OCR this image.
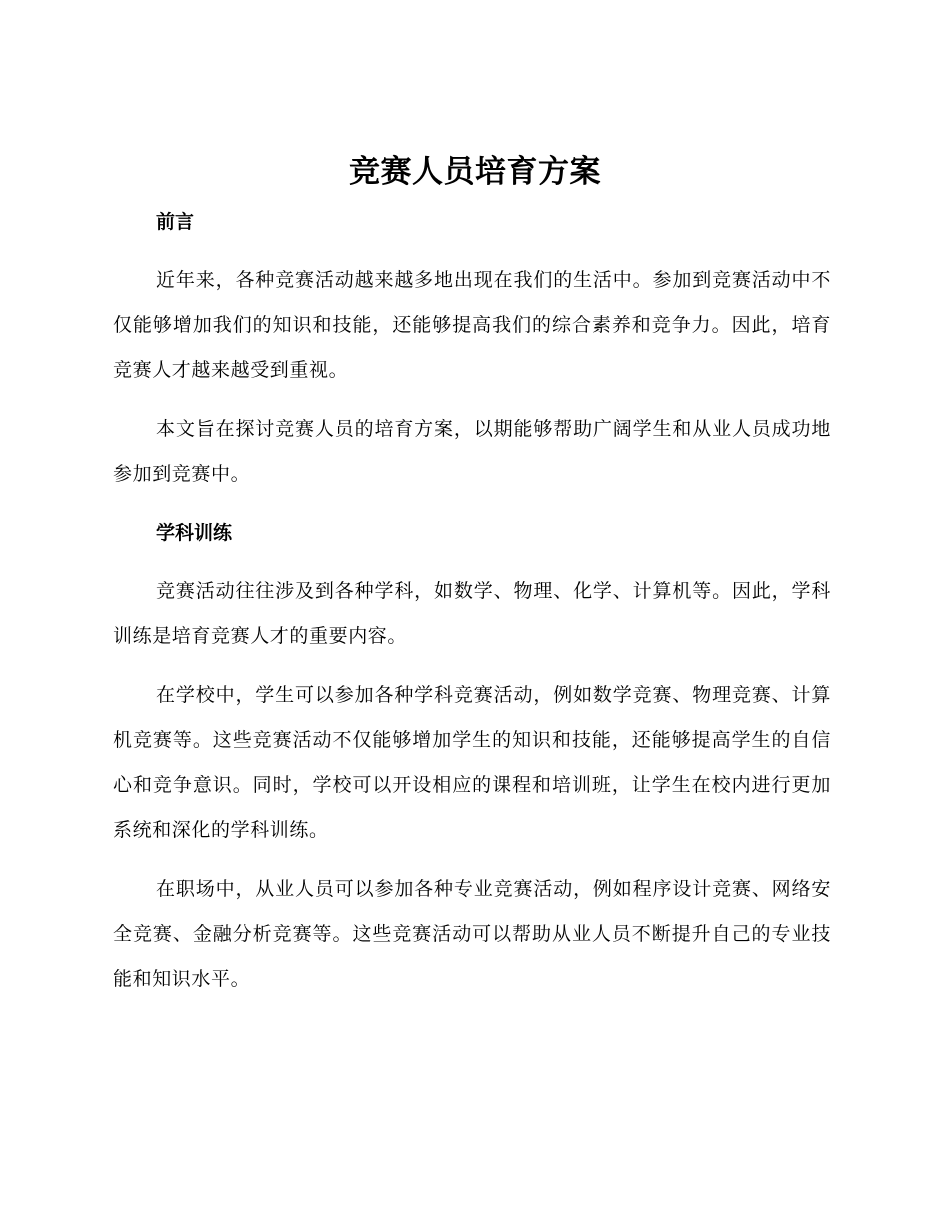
竞赛人员培育方案
前言

近年来，各种竞赛活动越来越多地出现在我们的生活中。参加到竞赛活动中不仅能够增加我们的知识和技能，还能够提高我们的综合素养和竞争力。因此，培育竞赛人才越来越受到重视。

本文旨在探讨竞赛人员的培育方案，以期能够帮助广阔学生和从业人员成功地参加到竞赛中。

学科训练

竞赛活动往往涉及到各种学科，如数学、物理、化学、计算机等。因此，学科训练是培育竞赛人才的重要内容。

在学校中，学生可以参加各种学科竞赛活动，例如数学竞赛、物理竞赛、计算机竞赛等。这些竞赛活动不仅能够增加学生的知识和技能，还能够提高学生的自信心和竞争意识。同时，学校可以开设相应的课程和培训班，让学生在校内进行更加系统和深化的学科训练。

在职场中，从业人员可以参加各种专业竞赛活动，例如程序设计竞赛、网络安全竞赛、金融分析竞赛等。这些竞赛活动可以帮助从业人员不断提升自己的专业技能和知识水平。
